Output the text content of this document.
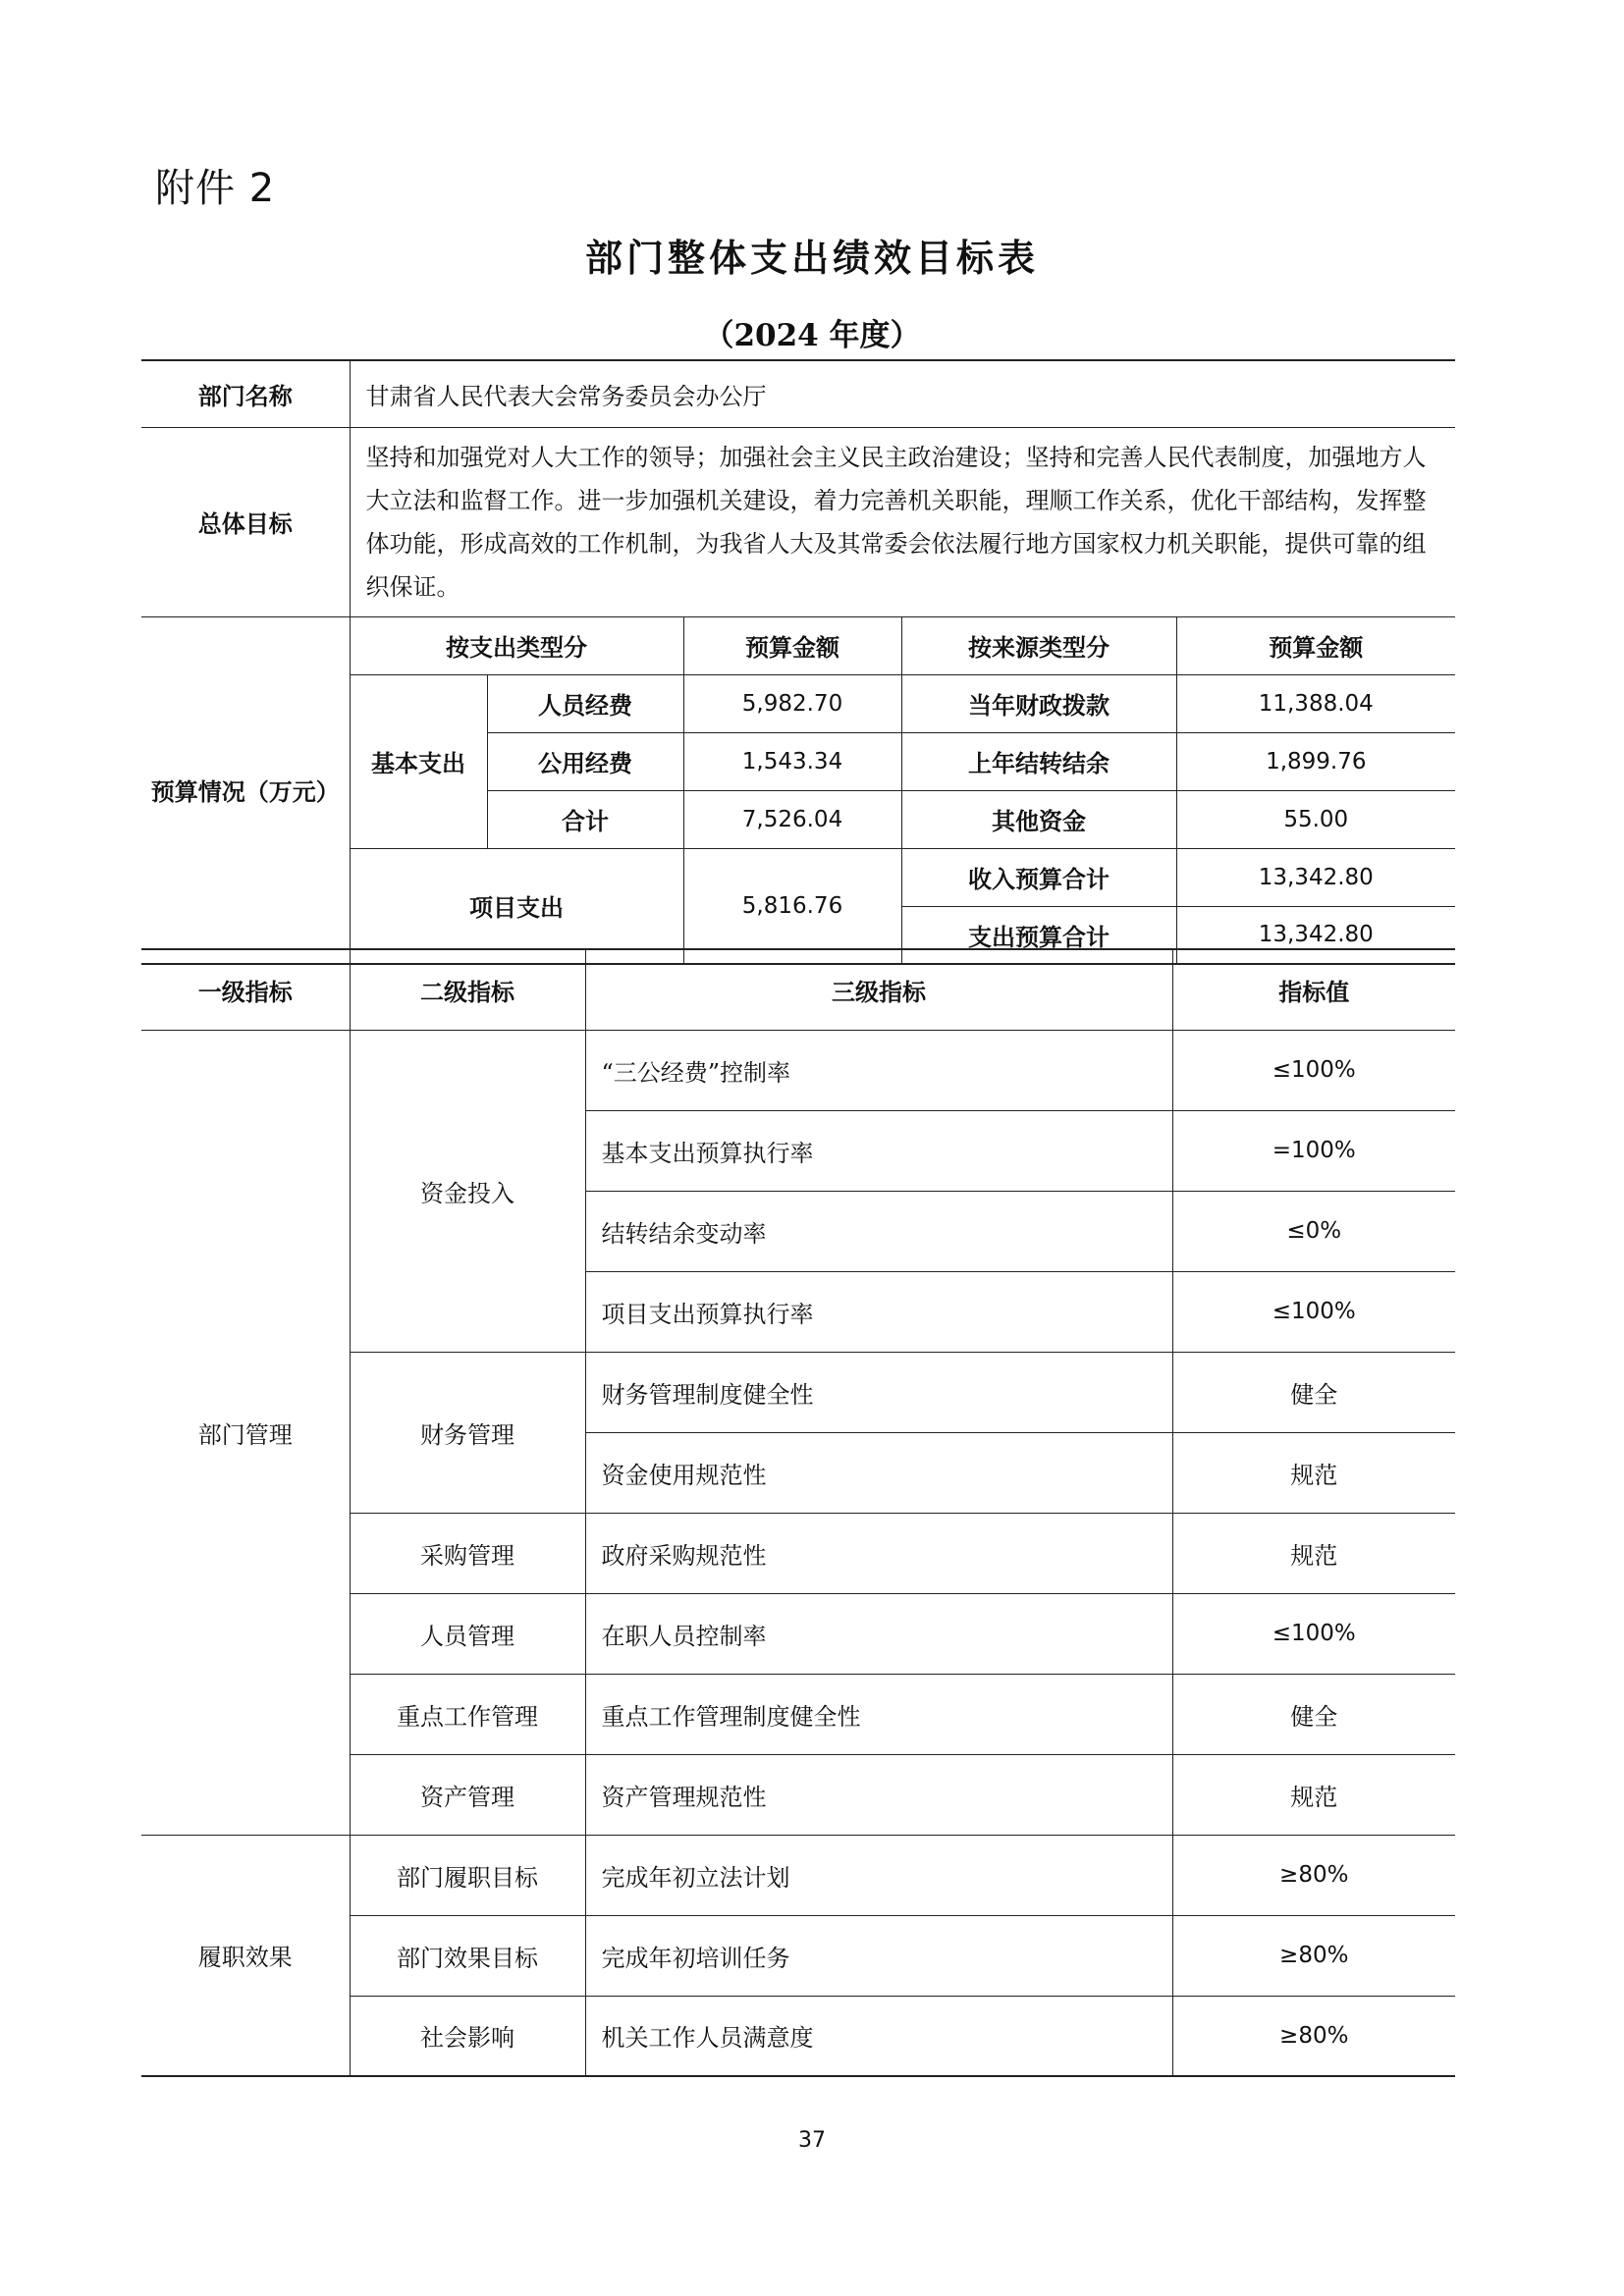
附件 2
部门整体支出绩效目标表
（2024 年度）
部门名称	甘肃省人民代表大会常务委员会办公厅				
总体目标	坚持和加强党对人大工作的领导；加强社会主义民主政治建设；坚持和完善人民代表制度，加强地方人大立法和监督工作。进一步加强机关建设，着力完善机关职能，理顺工作关系，优化干部结构，发挥整体功能，形成高效的工作机制，为我省人大及其常委会依法履行地方国家权力机关职能，提供可靠的组织保证。				
预算情况（万元）	按支出类型分		预算金额	按来源类型分	预算金额
	基本支出	人员经费	5,982.70	当年财政拨款	11,388.04
		公用经费	1,543.34	上年结转结余	1,899.76
		合计	7,526.04	其他资金	55.00
	项目支出		5,816.76	收入预算合计	13,342.80
				支出预算合计	13,342.80
一级指标	二级指标	三级指标	指标值
部门管理	资金投入	“三公经费”控制率	≤100%
		基本支出预算执行率	=100%
		结转结余变动率	≤0%
		项目支出预算执行率	≤100%
	财务管理	财务管理制度健全性	健全
		资金使用规范性	规范
	采购管理	政府采购规范性	规范
	人员管理	在职人员控制率	≤100%
	重点工作管理	重点工作管理制度健全性	健全
	资产管理	资产管理规范性	规范
履职效果	部门履职目标	完成年初立法计划	≥80%
	部门效果目标	完成年初培训任务	≥80%
	社会影响	机关工作人员满意度	≥80%
37
